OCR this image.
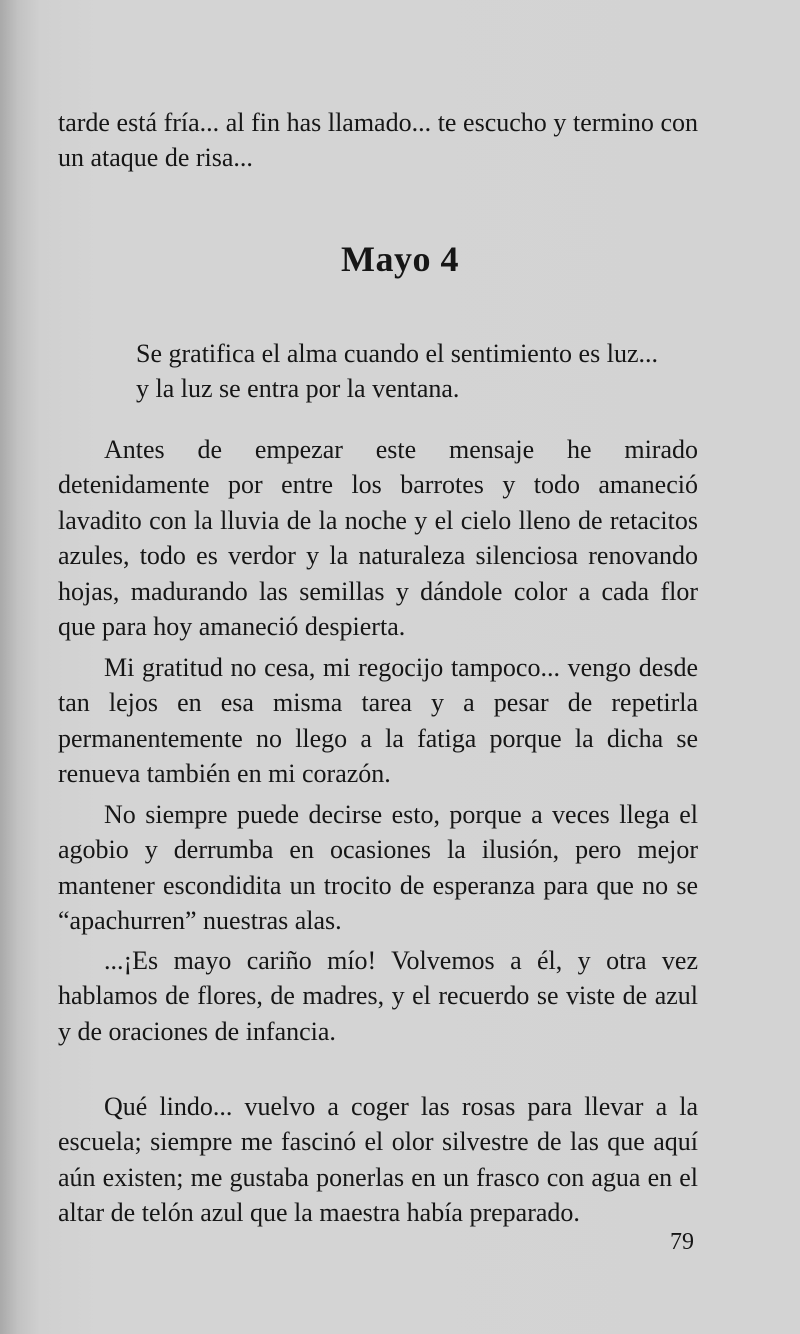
tarde está fría... al fin has llamado... te escucho y termino con un ataque de risa...

Mayo 4
Se gratifica el alma cuando el sentimiento es luz...
y la luz se entra por la ventana.

Antes de empezar este mensaje he mirado detenidamente por entre los barrotes y todo amaneció lavadito con la lluvia de la noche y el cielo lleno de retacitos azules, todo es verdor y la naturaleza silenciosa renovando hojas, madurando las semillas y dándole color a cada flor que para hoy amaneció despierta.

Mi gratitud no cesa, mi regocijo tampoco... vengo desde tan lejos en esa misma tarea y a pesar de repetirla permanentemente no llego a la fatiga porque la dicha se renueva también en mi corazón.

No siempre puede decirse esto, porque a veces llega el agobio y derrumba en ocasiones la ilusión, pero mejor mantener escondidita un trocito de esperanza para que no se “apachurren” nuestras alas.

...¡Es mayo cariño mío! Volvemos a él, y otra vez hablamos de flores, de madres, y el recuerdo se viste de azul y de oraciones de infancia.

Qué lindo... vuelvo a coger las rosas para llevar a la escuela; siempre me fascinó el olor silvestre de las que aquí aún existen; me gustaba ponerlas en un frasco con agua en el altar de telón azul que la maestra había preparado.

79
